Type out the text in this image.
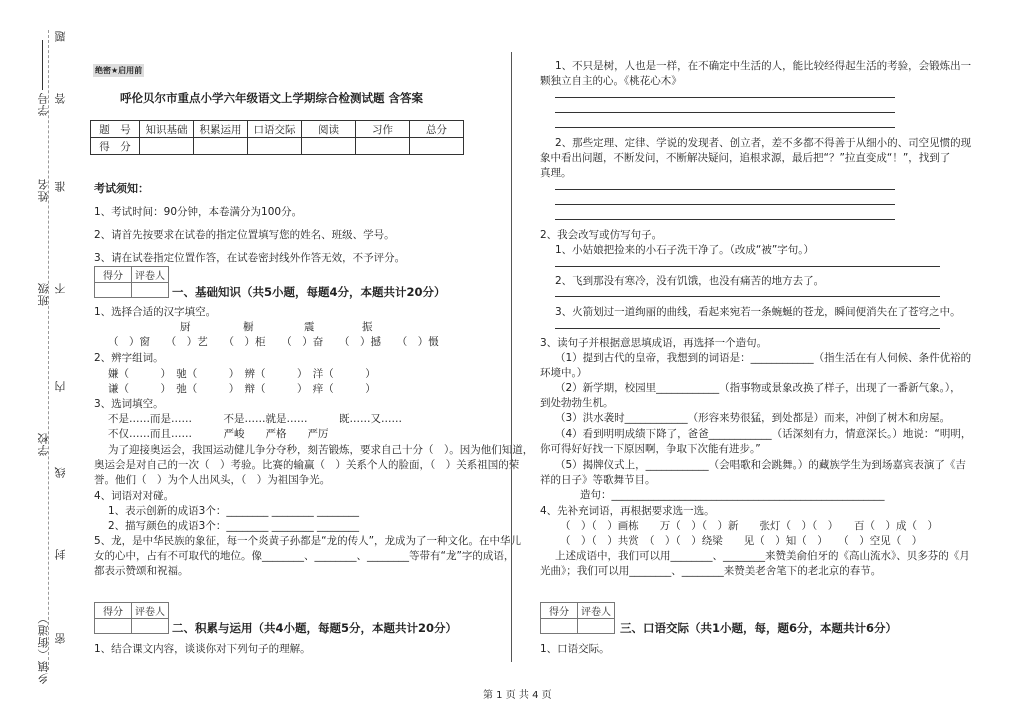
题
学号 答
姓名 准
班级 不
内
学校
线
封
乡镇（街道） 密
绝密★启用前
呼伦贝尔市重点小学六年级语文上学期综合检测试题 含答案
题　号	知识基础	积累运用	口语交际	阅读	习作	总分
得　分						
考试须知：
1、考试时间：90分钟，本卷满分为100分。
2、请首先按要求在试卷的指定位置填写您的姓名、班级、学号。
3、请在试卷指定位置作答，在试卷密封线外作答无效，不予评分。
得分	评卷人

一、基础知识（共5小题，每题4分，本题共计20分）
1、选择合适的汉字填空。
厨	橱	震	振
（　）窗　　（　）艺　　（　）柜　　（　）奋　　（　）撼　　（　）慑
2、辨字组词。
嫌（　　　）　驰（　　　）　辨（　　　）　洋（　　　）
谦（　　　）　弛（　　　）　辩（　　　）　痒（　　　）
3、选词填空。
不是……而是……　　　不是……就是……　　　既……又……
不仅……而且……　　　严峻　　严格　　严厉
为了迎接奥运会，我国运动健儿争分夺秒，刻苦锻炼，要求自己十分（　）。因为他们知道，
奥运会是对自己的一次（　）考验。比赛的输赢（　）关系个人的脸面，（　）关系祖国的荣
誉。他们（　）为个人出风头，（　）为祖国争光。
4、词语对对碰。
1、表示创新的成语3个：________ ________ ________
2、描写颜色的成语3个：________ ________ ________
5、龙，是中华民族的象征，每一个炎黄子孙都是“龙的传人”，龙成为了一种文化。在中华儿
女的心中，占有不可取代的地位。像________、________、________等带有“龙”字的成语，
都表示赞颂和祝福。
得分	评卷人

二、积累与运用（共4小题，每题5分，本题共计20分）
1、结合课文内容，谈谈你对下列句子的理解。
1、不只是树，人也是一样，在不确定中生活的人，能比较经得起生活的考验，会锻炼出一
颗独立自主的心。《桃花心木》
2、那些定理、定律、学说的发现者、创立者，差不多都不得善于从细小的、司空见惯的现
象中看出问题，不断发问，不断解决疑问，追根求源，最后把“？”拉直变成“！”，找到了
真理。
2、我会改写或仿写句子。
1、小姑娘把捡来的小石子洗干净了。（改成“被”字句。）
2、飞到那没有寒冷，没有饥饿，也没有痛苦的地方去了。
3、火箭划过一道绚丽的曲线，看起来宛若一条蜿蜒的苍龙，瞬间便消失在了苍穹之中。
3、读句子并根据意思填成语，再选择一个造句。
（1）提到古代的皇帝，我想到的词语是：____________（指生活在有人伺候、条件优裕的
环境中。）
（2）新学期，校园里____________（指事物或景象改换了样子，出现了一番新气象。），
到处勃勃生机。
（3）洪水袭时____________（形容来势很猛，到处都是）而来，冲倒了树木和房屋。
（4）看到明明成绩下降了，爸爸____________（话深刻有力，情意深长。）地说：“明明，
你可得好好找一下原因啊，争取下次能有进步。”
（5）揭牌仪式上，____________（会唱歌和会跳舞。）的藏族学生为到场嘉宾表演了《吉
祥的日子》等歌舞节目。
造句：____________________________________________________
4、先补充词语，再根据要求选一选。
（　）（　）画栋　　万（　）（　）新　　张灯（　）（　）　　百（　）成（　）
（　）（　）共赏　（　）（　）绕梁　　见（　）知（　）　　（　）空见（　）
上述成语中，我们可以用________、________来赞美俞伯牙的《高山流水》、贝多芬的《月
光曲》；我们可以用________、________来赞美老舍笔下的老北京的春节。
得分	评卷人

三、口语交际（共1小题，每，题6分，本题共计6分）
1、口语交际。
第 1 页 共 4 页
